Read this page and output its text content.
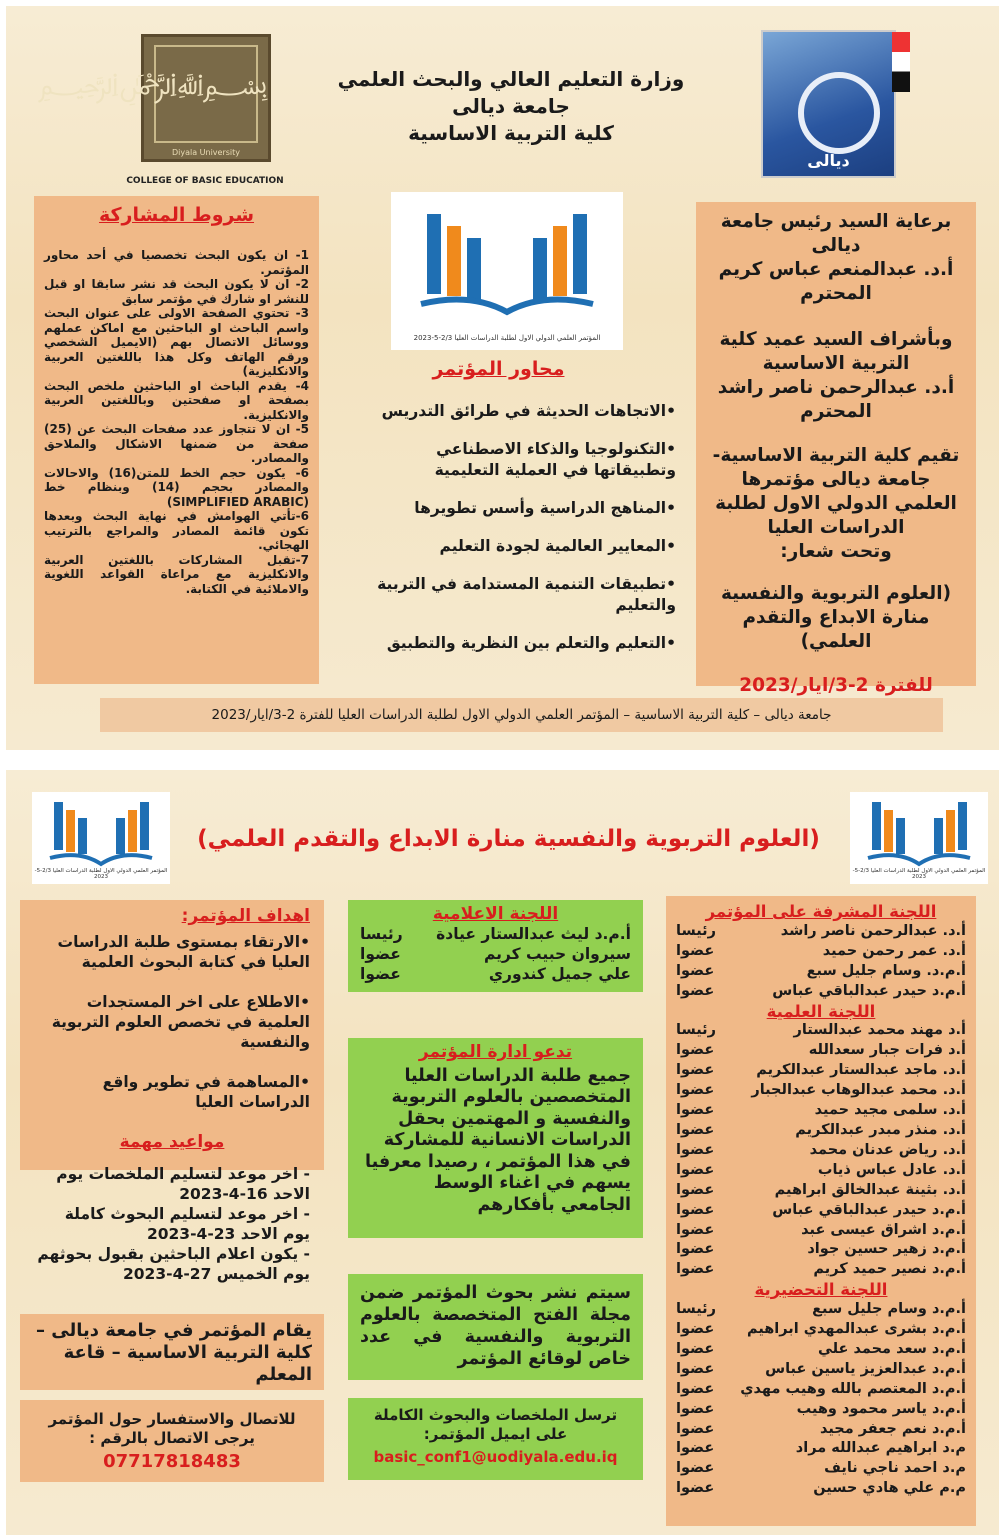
﷽
Diyala University
COLLEGE OF BASIC EDUCATION
وزارة التعليم العالي والبحث العلمي
جامعة ديالى
كلية التربية الاساسية
ديالى
شروط المشاركة
1- ان يكون البحث تخصصيا في أحد محاور المؤتمر.
2- ان لا يكون البحث قد نشر سابقا او قبل للنشر او شارك في مؤتمر سابق
3- تحتوي الصفحة الاولى على عنوان البحث واسم الباحث او الباحثين مع اماكن عملهم ووسائل الاتصال بهم (الايميل الشخصي ورقم الهاتف وكل هذا باللغتين العربية والانكليزية)
4- يقدم الباحث او الباحثين ملخص البحث بصفحة او صفحتين وباللغتين العربية والانكليزية.
5- ان لا تتجاوز عدد صفحات البحث عن (25) صفحة من ضمنها الاشكال والملاحق والمصادر.
6- يكون حجم الخط للمتن(16) والاحالات والمصادر بحجم (14) وبنظام خط (SIMPLIFIED ARABIC)
6-تأتي الهوامش في نهاية البحث وبعدها تكون قائمة المصادر والمراجع بالترتيب الهجائي.
7-تقبل المشاركات باللغتين العربية والانكليزية مع مراعاة القواعد اللغوية والاملائية في الكتابة.
المؤتمر العلمي الدولي الاول لطلبة الدراسات العليا 2/3-5-2023
محاور المؤتمر
•الاتجاهات الحديثة في طرائق التدريس
•التكنولوجيا والذكاء الاصطناعي وتطبيقاتها في العملية التعليمية
•المناهج الدراسية وأسس تطويرها
•المعايير العالمية لجودة التعليم
•تطبيقات التنمية المستدامة في التربية والتعليم
•التعليم والتعلم بين النظرية والتطبيق
برعاية السيد رئيس جامعة ديالى
أ.د. عبدالمنعم عباس كريم المحترم
وبأشراف السيد عميد كلية التربية الاساسية
أ.د. عبدالرحمن ناصر راشد المحترم
تقيم كلية التربية الاساسية- جامعة ديالى مؤتمرها العلمي الدولي الاول لطلبة الدراسات العليا
وتحت شعار:
(العلوم التربوية والنفسية منارة الابداع والتقدم العلمي)
للفترة 2-3/ايار/2023
جامعة ديالى – كلية التربية الاساسية – المؤتمر العلمي الدولي الاول لطلبة الدراسات العليا للفترة 2-3/ايار/2023
المؤتمر العلمي الدولي الاول لطلبة الدراسات العليا 2/3-5-2023
المؤتمر العلمي الدولي الاول لطلبة الدراسات العليا 2/3-5-2023
(العلوم التربوية والنفسية منارة الابداع والتقدم العلمي)
اهداف المؤتمر:
•الارتقاء بمستوى طلبة الدراسات العليا في كتابة البحوث العلمية
•الاطلاع على اخر المستجدات العلمية في تخصص العلوم التربوية والنفسية
•المساهمة في تطوير واقع الدراسات العليا
مواعيد مهمة
- اخر موعد لتسليم الملخصات يوم الاحد 16-4-2023
- اخر موعد لتسليم البحوث كاملة يوم الاحد 23-4-2023
- يكون اعلام الباحثين بقبول بحوثهم يوم الخميس 27-4-2023
يقام المؤتمر في جامعة ديالى – كلية التربية الاساسية – قاعة المعلم
للاتصال والاستفسار حول المؤتمر يرجى الاتصال بالرقم :
07717818483
اللجنة الاعلامية
أ.م.د ليث عبدالستار عيادة
رئيسا
سيروان حبيب كريم
عضوا
علي جميل كندوري
عضوا
تدعو ادارة المؤتمر
جميع طلبة الدراسات العليا المتخصصين بالعلوم التربوية والنفسية و المهتمين بحقل الدراسات الانسانية للمشاركة في هذا المؤتمر ، رصيدا معرفيا يسهم في اغناء الوسط الجامعي بأفكارهم
سيتم نشر بحوث المؤتمر ضمن مجلة الفتح المتخصصة بالعلوم التربوية والنفسية في عدد خاص لوقائع المؤتمر
ترسل الملخصات والبحوث الكاملة على ايميل المؤتمر:
basic_conf1@uodiyala.edu.iq
اللجنة المشرفة على المؤتمر
أ.د. عبدالرحمن ناصر راشد
رئيسا
أ.د. عمر رحمن حميد
عضوا
أ.م.د. وسام جليل سبع
عضوا
أ.م.د حيدر عبدالباقي عباس
عضوا
اللجنة العلمية
أ.د مهند محمد عبدالستار
رئيسا
أ.د فرات جبار سعدالله
عضوا
أ.د. ماجد عبدالستار عبدالكريم
عضوا
أ.د. محمد عبدالوهاب عبدالجبار
عضوا
أ.د. سلمى مجيد حميد
عضوا
أ.د. منذر مبدر عبدالكريم
عضوا
أ.د. رياض عدنان محمد
عضوا
أ.د. عادل عباس ذياب
عضوا
أ.د. بثينة عبدالخالق ابراهيم
عضوا
أ.م.د حيدر عبدالباقي عباس
عضوا
أ.م.د اشراق عيسى عبد
عضوا
أ.م.د زهير حسين جواد
عضوا
أ.م.د نصير حميد كريم
عضوا
اللجنة التحضيرية
أ.م.د وسام جليل سبع
رئيسا
أ.م.د بشرى عبدالمهدي ابراهيم
عضوا
أ.م.د سعد محمد علي
عضوا
أ.م.د عبدالعزيز ياسين عباس
عضوا
أ.م.د المعتصم بالله وهيب مهدي
عضوا
أ.م.د ياسر محمود وهيب
عضوا
أ.م.د نعم جعفر مجيد
عضوا
م.د ابراهيم عبدالله مراد
عضوا
م.د احمد ناجي نايف
عضوا
م.م علي هادي حسين
عضوا
